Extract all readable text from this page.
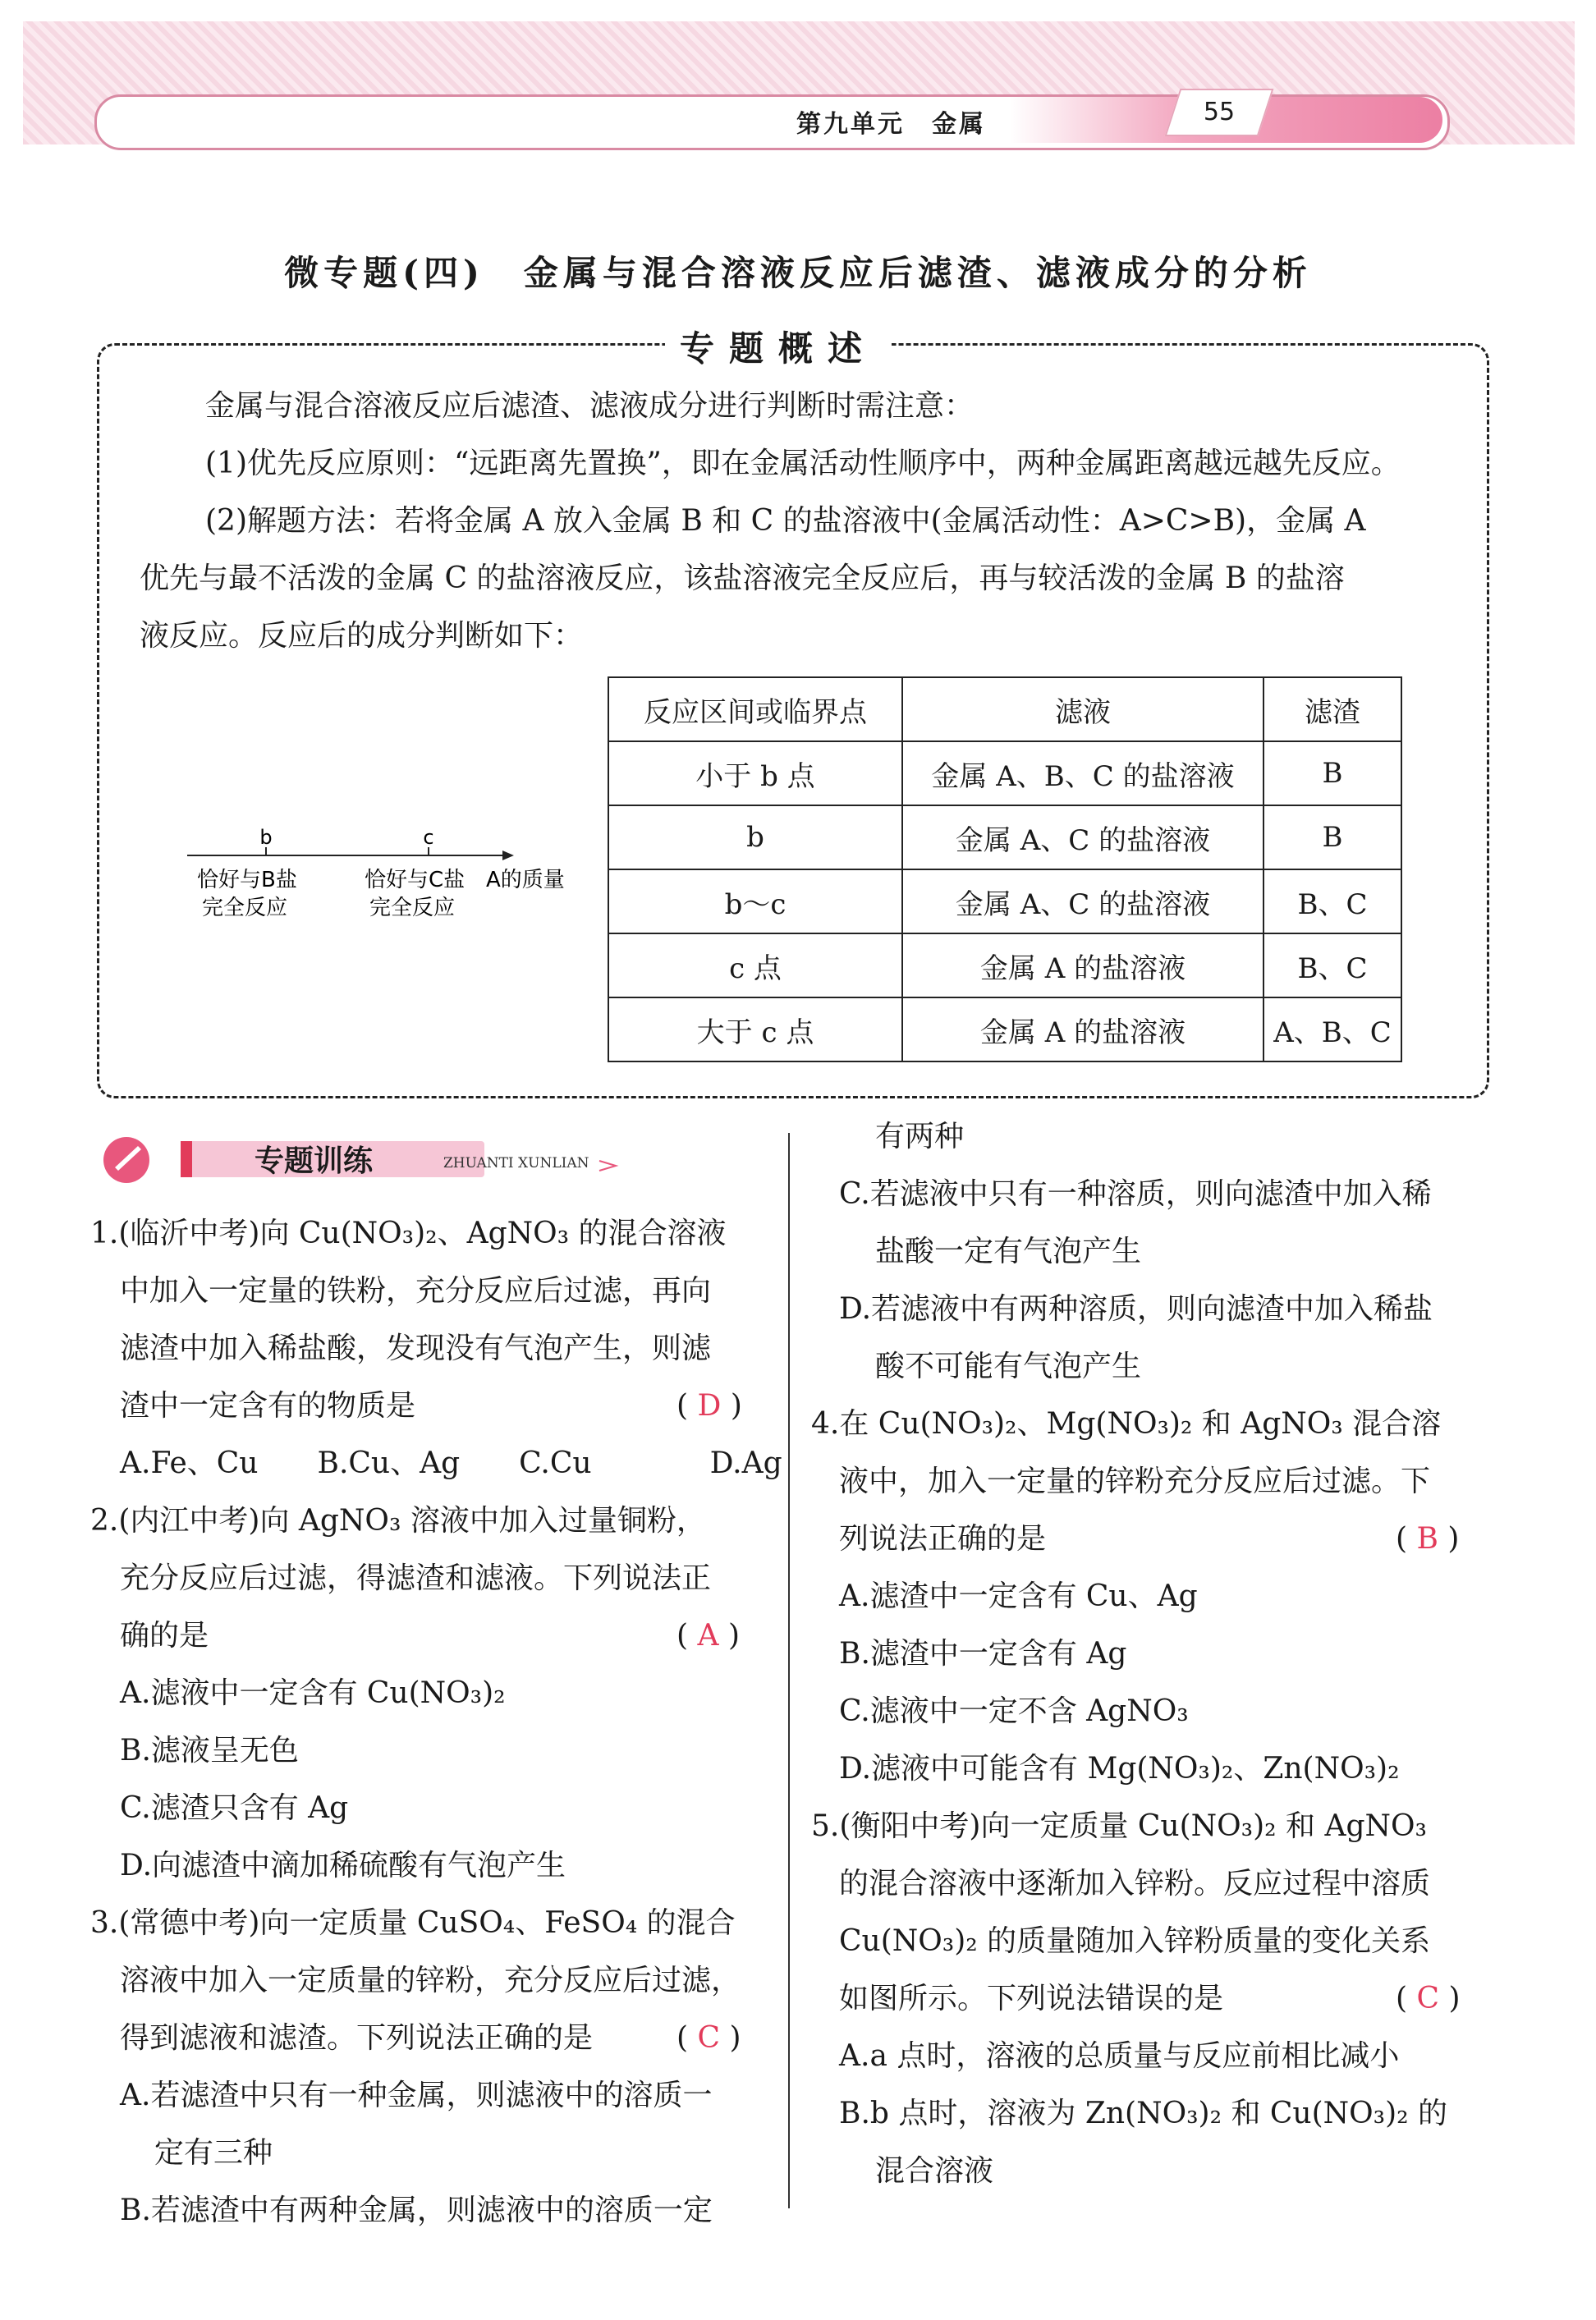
第九单元　金属	55
微专题(四)　金属与混合溶液反应后滤渣、滤液成分的分析
专题概述
金属与混合溶液反应后滤渣、滤液成分进行判断时需注意：
(1)优先反应原则：“远距离先置换”，即在金属活动性顺序中，两种金属距离越远越先反应。
(2)解题方法：若将金属 A 放入金属 B 和 C 的盐溶液中(金属活动性：A>C>B)，金属 A
优先与最不活泼的金属 C 的盐溶液反应，该盐溶液完全反应后，再与较活泼的金属 B 的盐溶
液反应。反应后的成分判断如下：
b	c
恰好与B盐
完全反应
恰好与C盐
完全反应
A的质量
反应区间或临界点	滤液	滤渣
小于 b 点	金属 A、B、C 的盐溶液	B
b	金属 A、C 的盐溶液	B
b～c	金属 A、C 的盐溶液	B、C
c 点	金属 A 的盐溶液	B、C
大于 c 点	金属 A 的盐溶液	A、B、C
专题训练	ZHUANTI XUNLIAN
1.(临沂中考)向 Cu(NO₃)₂、AgNO₃ 的混合溶液
中加入一定量的铁粉，充分反应后过滤，再向
滤渣中加入稀盐酸，发现没有气泡产生，则滤
渣中一定含有的物质是	( D )
A.Fe、Cu　　B.Cu、Ag　　C.Cu　　　　D.Ag
2.(内江中考)向 AgNO₃ 溶液中加入过量铜粉，
充分反应后过滤，得滤渣和滤液。下列说法正
确的是	( A )
A.滤液中一定含有 Cu(NO₃)₂
B.滤液呈无色
C.滤渣只含有 Ag
D.向滤渣中滴加稀硫酸有气泡产生
3.(常德中考)向一定质量 CuSO₄、FeSO₄ 的混合
溶液中加入一定质量的锌粉，充分反应后过滤，
得到滤液和滤渣。下列说法正确的是	( C )
A.若滤渣中只有一种金属，则滤液中的溶质一
定有三种
B.若滤渣中有两种金属，则滤液中的溶质一定
有两种
C.若滤液中只有一种溶质，则向滤渣中加入稀
盐酸一定有气泡产生
D.若滤液中有两种溶质，则向滤渣中加入稀盐
酸不可能有气泡产生
4.在 Cu(NO₃)₂、Mg(NO₃)₂ 和 AgNO₃ 混合溶
液中，加入一定量的锌粉充分反应后过滤。下
列说法正确的是	( B )
A.滤渣中一定含有 Cu、Ag
B.滤渣中一定含有 Ag
C.滤液中一定不含 AgNO₃
D.滤液中可能含有 Mg(NO₃)₂、Zn(NO₃)₂
5.(衡阳中考)向一定质量 Cu(NO₃)₂ 和 AgNO₃
的混合溶液中逐渐加入锌粉。反应过程中溶质
Cu(NO₃)₂ 的质量随加入锌粉质量的变化关系
如图所示。下列说法错误的是	( C )
A.a 点时，溶液的总质量与反应前相比减小
B.b 点时，溶液为 Zn(NO₃)₂ 和 Cu(NO₃)₂ 的
混合溶液
